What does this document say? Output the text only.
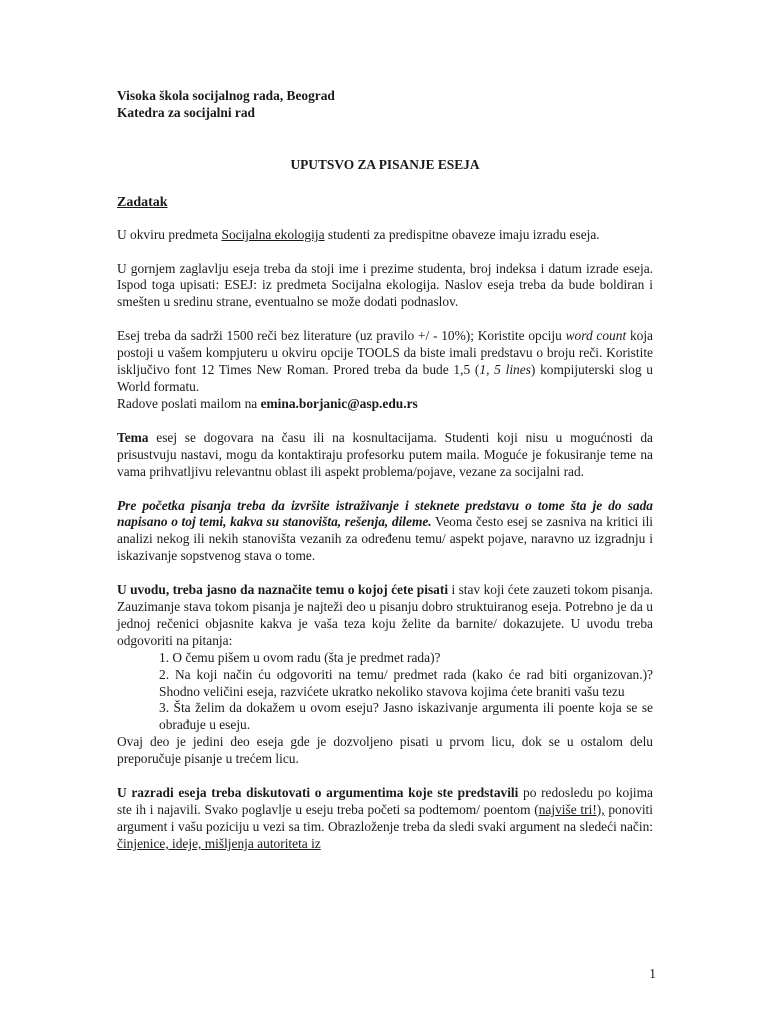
Visoka škola socijalnog rada, Beograd
Katedra za socijalni rad
UPUTSVO ZA PISANJE ESEJA
Zadatak
U okviru predmeta Socijalna ekologija studenti za predispitne obaveze imaju izradu eseja.
U gornjem zaglavlju eseja treba da stoji ime i prezime studenta, broj indeksa i datum izrade eseja. Ispod toga upisati: ESEJ: iz predmeta Socijalna ekologija. Naslov eseja treba da bude boldiran i smešten u sredinu strane, eventualno se može dodati podnaslov.
Esej treba da sadrži 1500 reči bez literature (uz pravilo +/ - 10%); Koristite opciju word count koja postoji u vašem kompjuteru u okviru opcije TOOLS da biste imali predstavu o broju reči. Koristite isključivo font 12 Times New Roman. Prored treba da bude 1,5 (1, 5 lines) kompijuterski slog u World formatu.
Radove poslati mailom na emina.borjanic@asp.edu.rs
Tema esej se dogovara na času ili na kosnultacijama. Studenti koji nisu u mogućnosti da prisustvuju nastavi, mogu da kontaktiraju profesorku putem maila. Moguće je fokusiranje teme na vama prihvatljivu relevantnu oblast ili aspekt problema/pojave, vezane za socijalni rad.
Pre početka pisanja treba da izvršite istraživanje i steknete predstavu o tome šta je do sada napisano o toj temi, kakva su stanovišta, rešenja, dileme. Veoma često esej se zasniva na kritici ili analizi nekog ili nekih stanovišta vezanih za određenu temu/ aspekt pojave, naravno uz izgradnju i iskazivanje sopstvenog stava o tome.
U uvodu, treba jasno da naznačite temu o kojoj ćete pisati i stav koji ćete zauzeti tokom pisanja. Zauzimanje stava tokom pisanja je najteži deo u pisanju dobro struktuiranog eseja. Potrebno je da u jednoj rečenici objasnite kakva je vaša teza koju želite da barnite/ dokazujete. U uvodu treba odgovoriti na pitanja:
1. O čemu pišem u ovom radu (šta je predmet rada)?
2. Na koji način ću odgovoriti na temu/ predmet rada (kako će rad biti organizovan.)? Shodno veličini eseja, razvićete ukratko nekoliko stavova kojima ćete braniti vašu tezu
3. Šta želim da dokažem u ovom eseju? Jasno iskazivanje argumenta ili poente koja se se obrađuje u eseju.
Ovaj deo je jedini deo eseja gde je dozvoljeno pisati u prvom licu, dok se u ostalom delu preporučuje pisanje u trećem licu.
U razradi eseja treba diskutovati o argumentima koje ste predstavili po redosledu po kojima ste ih i najavili. Svako poglavlje u eseju treba početi sa podtemom/ poentom (najviše tri!), ponoviti argument i vašu poziciju u vezi sa tim. Obrazloženje treba da sledi svaki argument na sledeći način: činjenice, ideje, mišljenja autoriteta iz
1
